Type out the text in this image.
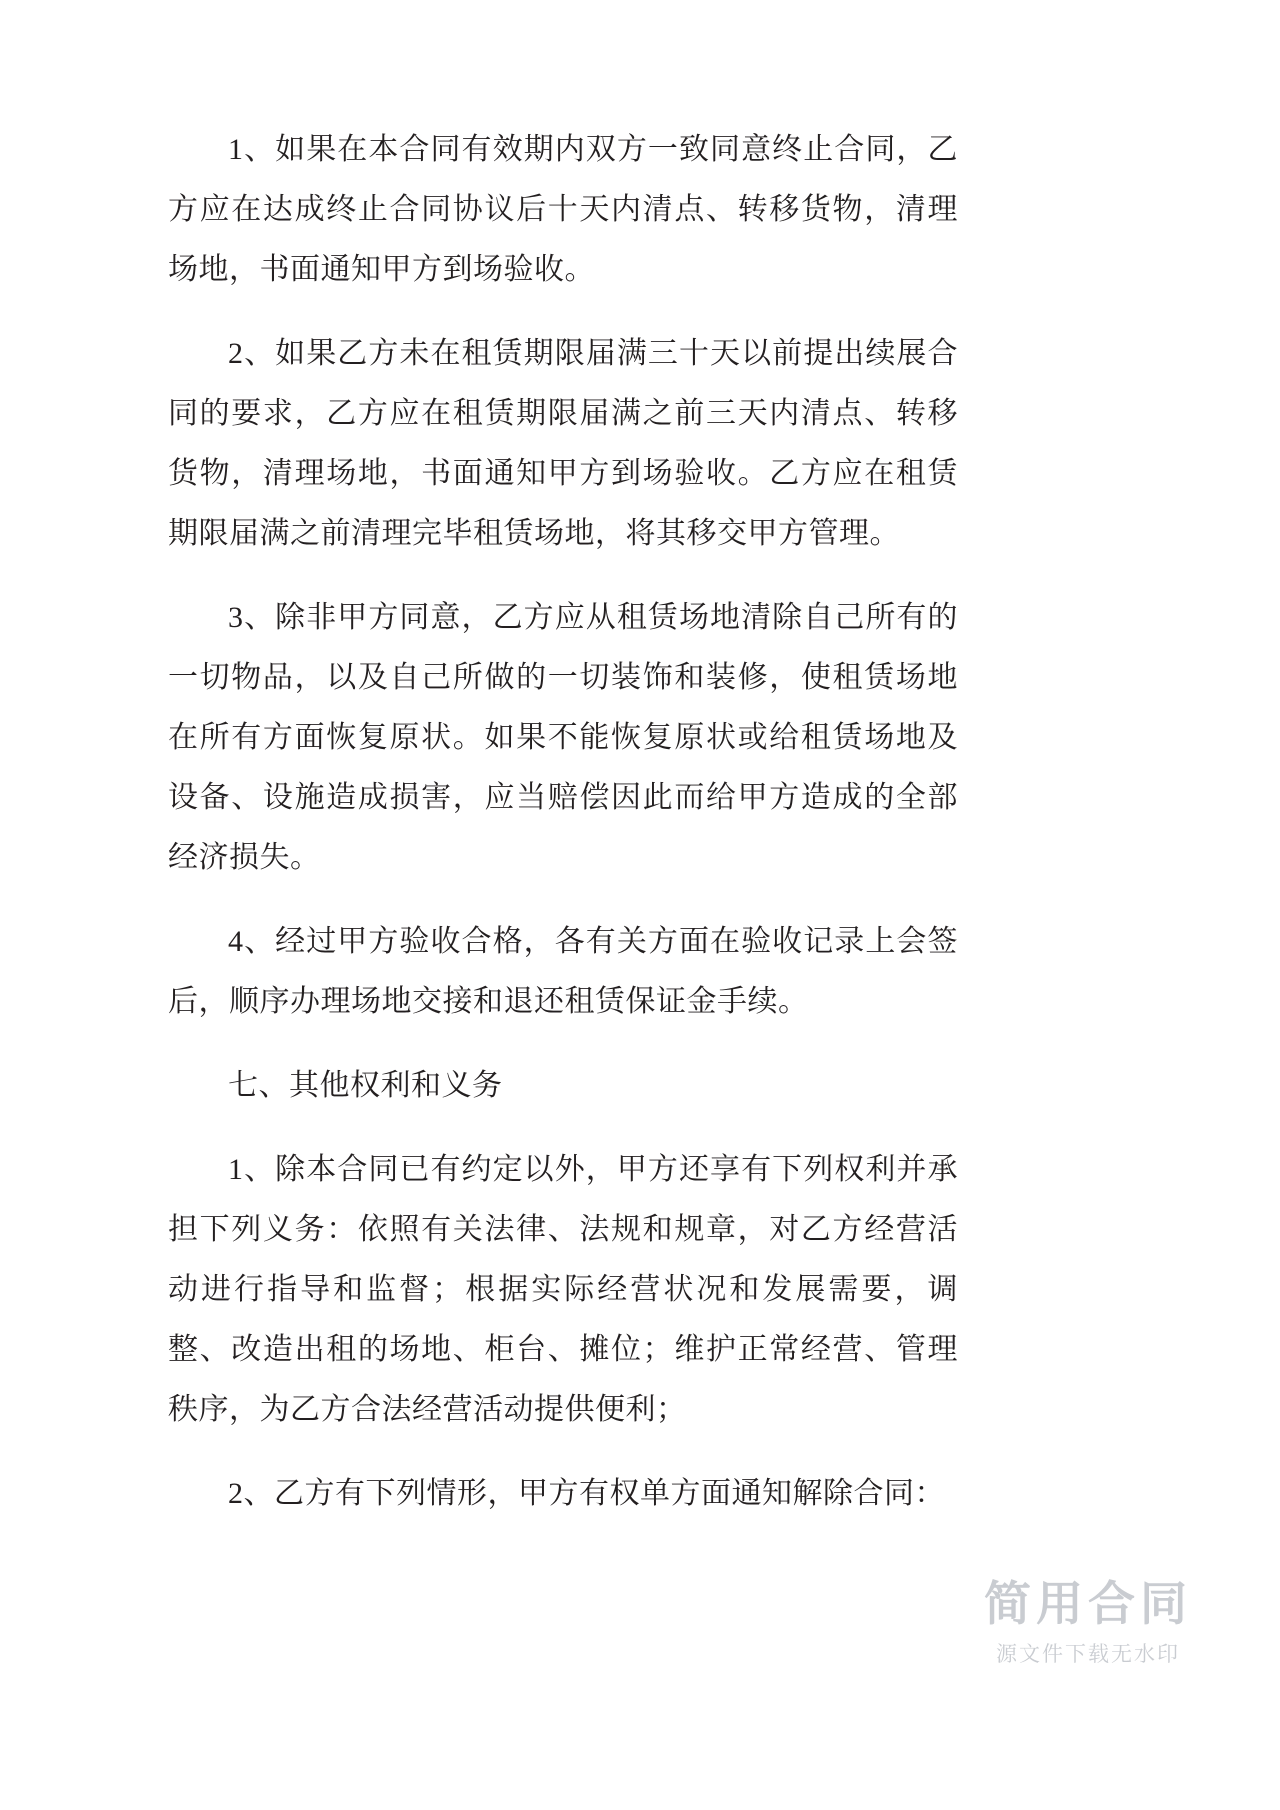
1、如果在本合同有效期内双方一致同意终止合同，乙方应在达成终止合同协议后十天内清点、转移货物，清理场地，书面通知甲方到场验收。

2、如果乙方未在租赁期限届满三十天以前提出续展合同的要求，乙方应在租赁期限届满之前三天内清点、转移货物，清理场地，书面通知甲方到场验收。乙方应在租赁期限届满之前清理完毕租赁场地，将其移交甲方管理。

3、除非甲方同意，乙方应从租赁场地清除自己所有的一切物品，以及自己所做的一切装饰和装修，使租赁场地在所有方面恢复原状。如果不能恢复原状或给租赁场地及设备、设施造成损害，应当赔偿因此而给甲方造成的全部经济损失。

4、经过甲方验收合格，各有关方面在验收记录上会签后，顺序办理场地交接和退还租赁保证金手续。

七、其他权利和义务

1、除本合同已有约定以外，甲方还享有下列权利并承担下列义务：依照有关法律、法规和规章，对乙方经营活动进行指导和监督；根据实际经营状况和发展需要，调整、改造出租的场地、柜台、摊位；维护正常经营、管理秩序，为乙方合法经营活动提供便利；

2、乙方有下列情形，甲方有权单方面通知解除合同：

简用合同
源文件下载无水印
